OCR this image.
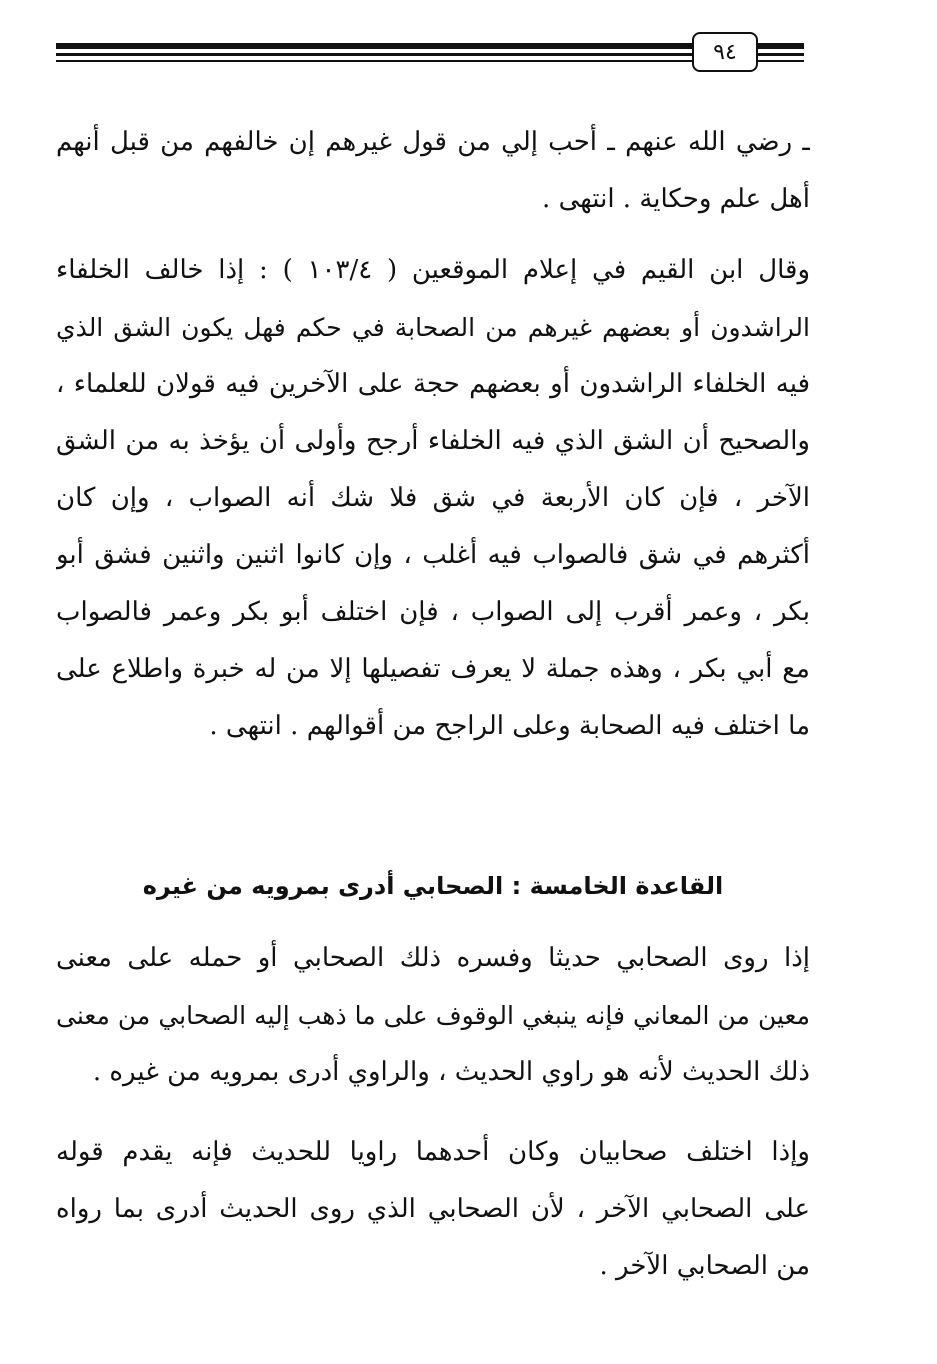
٩٤
ـ رضي الله عنهم ـ أحب إلي من قول غيرهم إن خالفهم من قبل أنهم
أهل علم وحكاية . انتهى .
وقال ابن القيم في إعلام الموقعين ( ١٠٣/٤ ) : إذا خالف الخلفاء
الراشدون أو بعضهم غيرهم من الصحابة في حكم فهل يكون الشق الذي
فيه الخلفاء الراشدون أو بعضهم حجة على الآخرين فيه قولان للعلماء ،
والصحيح أن الشق الذي فيه الخلفاء أرجح وأولى أن يؤخذ به من الشق
الآخر ، فإن كان الأربعة في شق فلا شك أنه الصواب ، وإن كان
أكثرهم في شق فالصواب فيه أغلب ، وإن كانوا اثنين واثنين فشق أبو
بكر ، وعمر أقرب إلى الصواب ، فإن اختلف أبو بكر وعمر فالصواب
مع أبي بكر ، وهذه جملة لا يعرف تفصيلها إلا من له خبرة واطلاع على
ما اختلف فيه الصحابة وعلى الراجح من أقوالهم . انتهى .
القاعدة الخامسة : الصحابي أدرى بمرويه من غيره
إذا روى الصحابي حديثا وفسره ذلك الصحابي أو حمله على معنى
معين من المعاني فإنه ينبغي الوقوف على ما ذهب إليه الصحابي من معنى
ذلك الحديث لأنه هو راوي الحديث ، والراوي أدرى بمرويه من غيره .
وإذا اختلف صحابيان وكان أحدهما راويا للحديث فإنه يقدم قوله
على الصحابي الآخر ، لأن الصحابي الذي روى الحديث أدرى بما رواه
من الصحابي الآخر .
